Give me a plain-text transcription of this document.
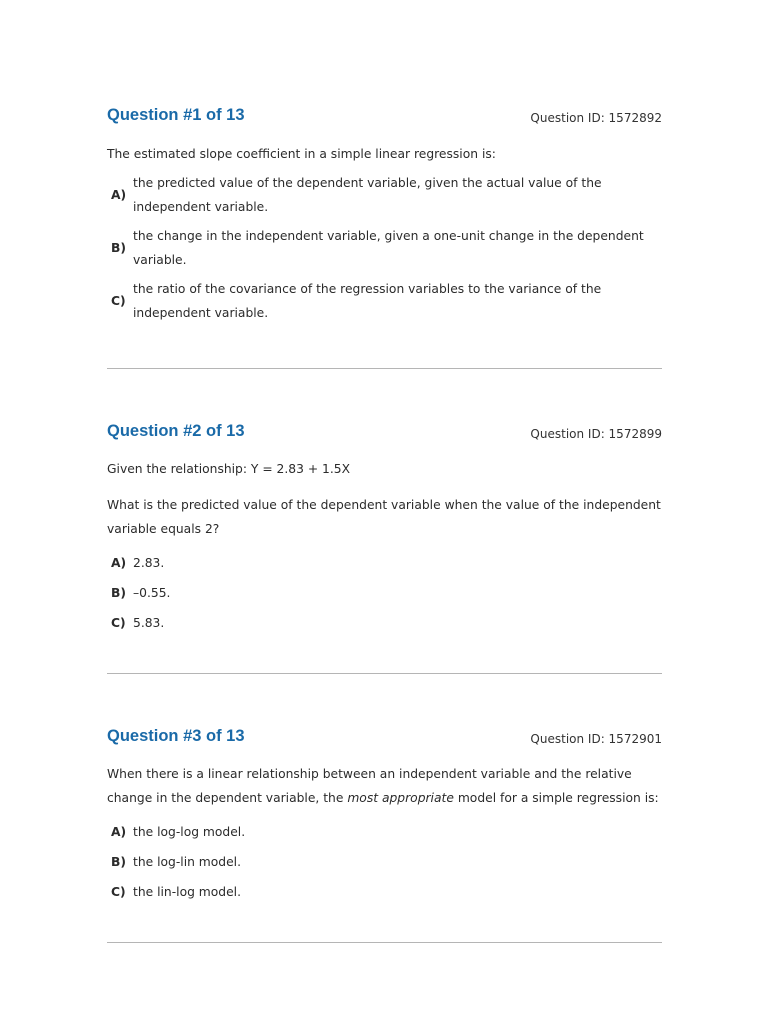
Question #1 of 13	Question ID: 1572892

The estimated slope coefficient in a simple linear regression is:

A)
the predicted value of the dependent variable, given the actual value of the independent variable.
B)
the change in the independent variable, given a one-unit change in the dependent variable.
C)
the ratio of the covariance of the regression variables to the variance of the independent variable.
Question #2 of 13	Question ID: 1572899

Given the relationship: Y = 2.83 + 1.5X

What is the predicted value of the dependent variable when the value of the independent variable equals 2?

A) 2.83.
B) –0.55.
C) 5.83.
Question #3 of 13	Question ID: 1572901

When there is a linear relationship between an independent variable and the relative change in the dependent variable, the most appropriate model for a simple regression is:

A) the log-log model.
B) the log-lin model.
C) the lin-log model.
